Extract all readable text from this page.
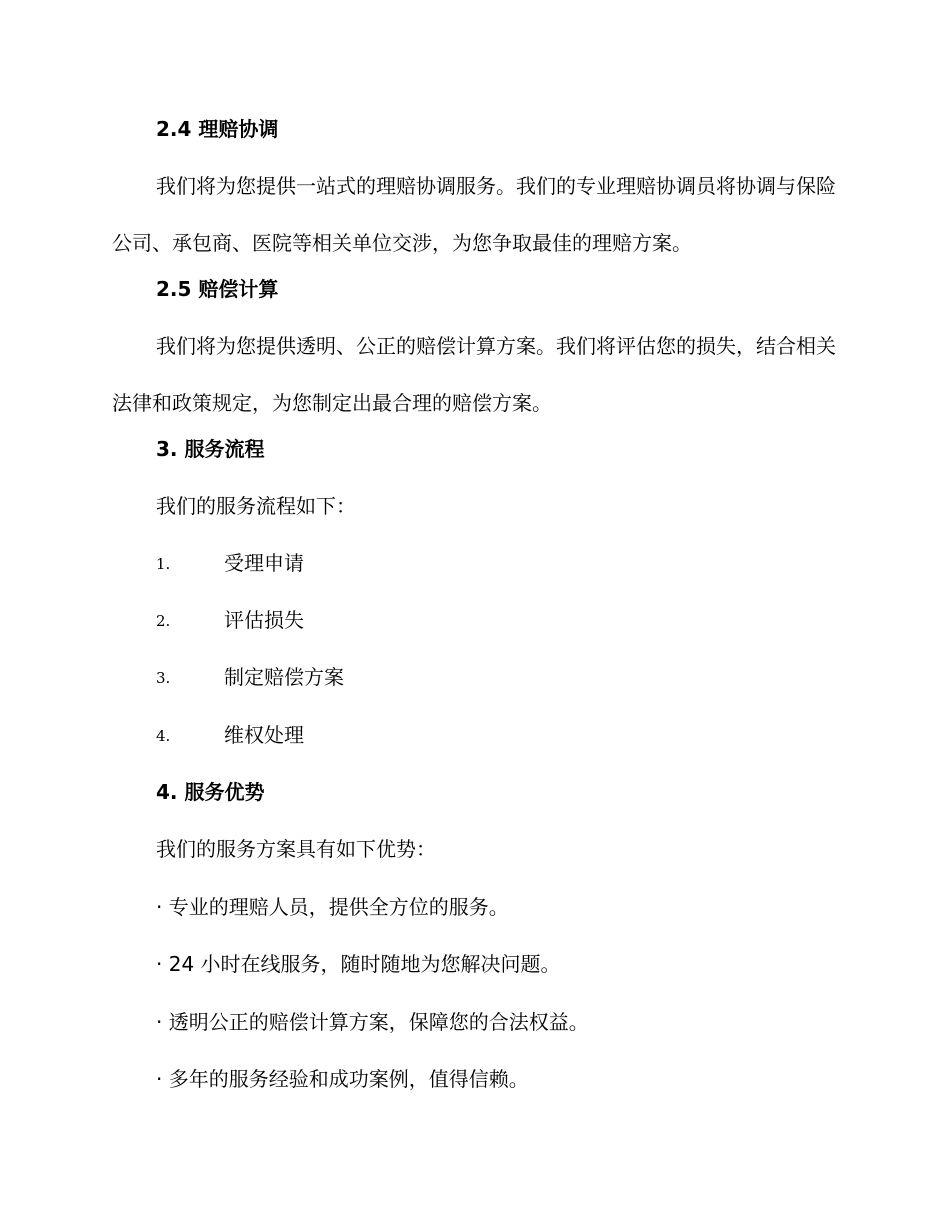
2.4 理赔协调
我们将为您提供一站式的理赔协调服务。我们的专业理赔协调员将协调与保险公司、承包商、医院等相关单位交涉，为您争取最佳的理赔方案。
2.5 赔偿计算
我们将为您提供透明、公正的赔偿计算方案。我们将评估您的损失，结合相关法律和政策规定，为您制定出最合理的赔偿方案。
3. 服务流程
我们的服务流程如下：
1.	受理申请
2.	评估损失
3.	制定赔偿方案
4.	维权处理
4. 服务优势
我们的服务方案具有如下优势：
· 专业的理赔人员，提供全方位的服务。
· 24 小时在线服务，随时随地为您解决问题。
· 透明公正的赔偿计算方案，保障您的合法权益。
· 多年的服务经验和成功案例，值得信赖。
